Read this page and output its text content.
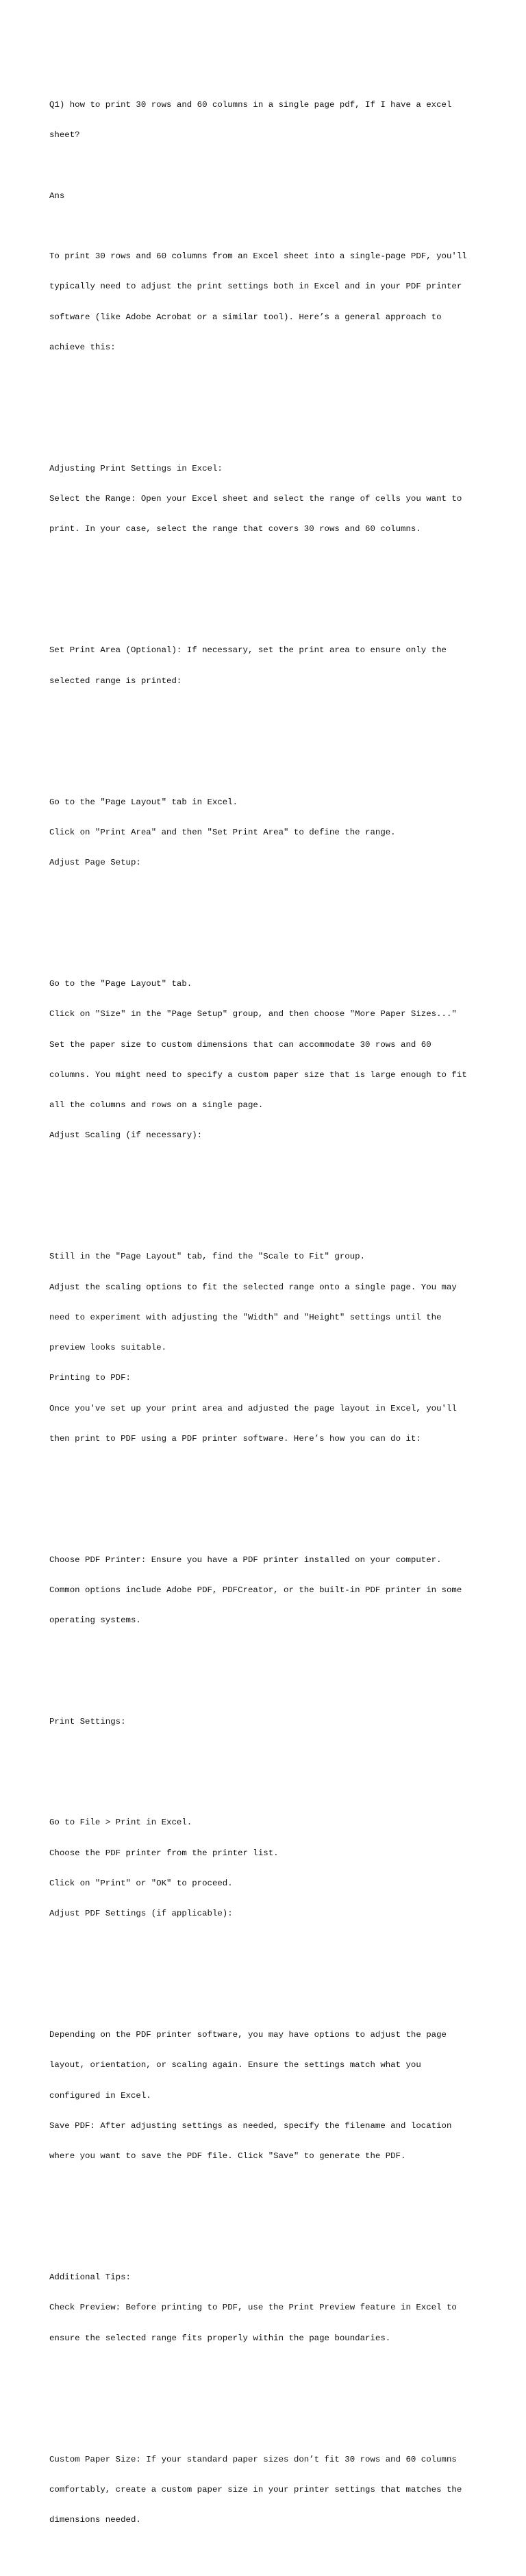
Q1) how to print 30 rows and 60 columns in a single page pdf, If I have a excel

sheet?

Ans

To print 30 rows and 60 columns from an Excel sheet into a single-page PDF, you'll

typically need to adjust the print settings both in Excel and in your PDF printer

software (like Adobe Acrobat or a similar tool). Here’s a general approach to

achieve this:

Adjusting Print Settings in Excel:

Select the Range: Open your Excel sheet and select the range of cells you want to

print. In your case, select the range that covers 30 rows and 60 columns.

Set Print Area (Optional): If necessary, set the print area to ensure only the

selected range is printed:

Go to the "Page Layout" tab in Excel.

Click on "Print Area" and then "Set Print Area" to define the range.

Adjust Page Setup:

Go to the "Page Layout" tab.

Click on "Size" in the "Page Setup" group, and then choose "More Paper Sizes..."

Set the paper size to custom dimensions that can accommodate 30 rows and 60

columns. You might need to specify a custom paper size that is large enough to fit

all the columns and rows on a single page.

Adjust Scaling (if necessary):

Still in the "Page Layout" tab, find the "Scale to Fit" group.

Adjust the scaling options to fit the selected range onto a single page. You may

need to experiment with adjusting the "Width" and "Height" settings until the

preview looks suitable.

Printing to PDF:

Once you've set up your print area and adjusted the page layout in Excel, you'll

then print to PDF using a PDF printer software. Here’s how you can do it:

Choose PDF Printer: Ensure you have a PDF printer installed on your computer.

Common options include Adobe PDF, PDFCreator, or the built-in PDF printer in some

operating systems.

Print Settings:

Go to File > Print in Excel.

Choose the PDF printer from the printer list.

Click on "Print" or "OK" to proceed.

Adjust PDF Settings (if applicable):

Depending on the PDF printer software, you may have options to adjust the page

layout, orientation, or scaling again. Ensure the settings match what you

configured in Excel.

Save PDF: After adjusting settings as needed, specify the filename and location

where you want to save the PDF file. Click "Save" to generate the PDF.

Additional Tips:

Check Preview: Before printing to PDF, use the Print Preview feature in Excel to

ensure the selected range fits properly within the page boundaries.

Custom Paper Size: If your standard paper sizes don’t fit 30 rows and 60 columns

comfortably, create a custom paper size in your printer settings that matches the

dimensions needed.
